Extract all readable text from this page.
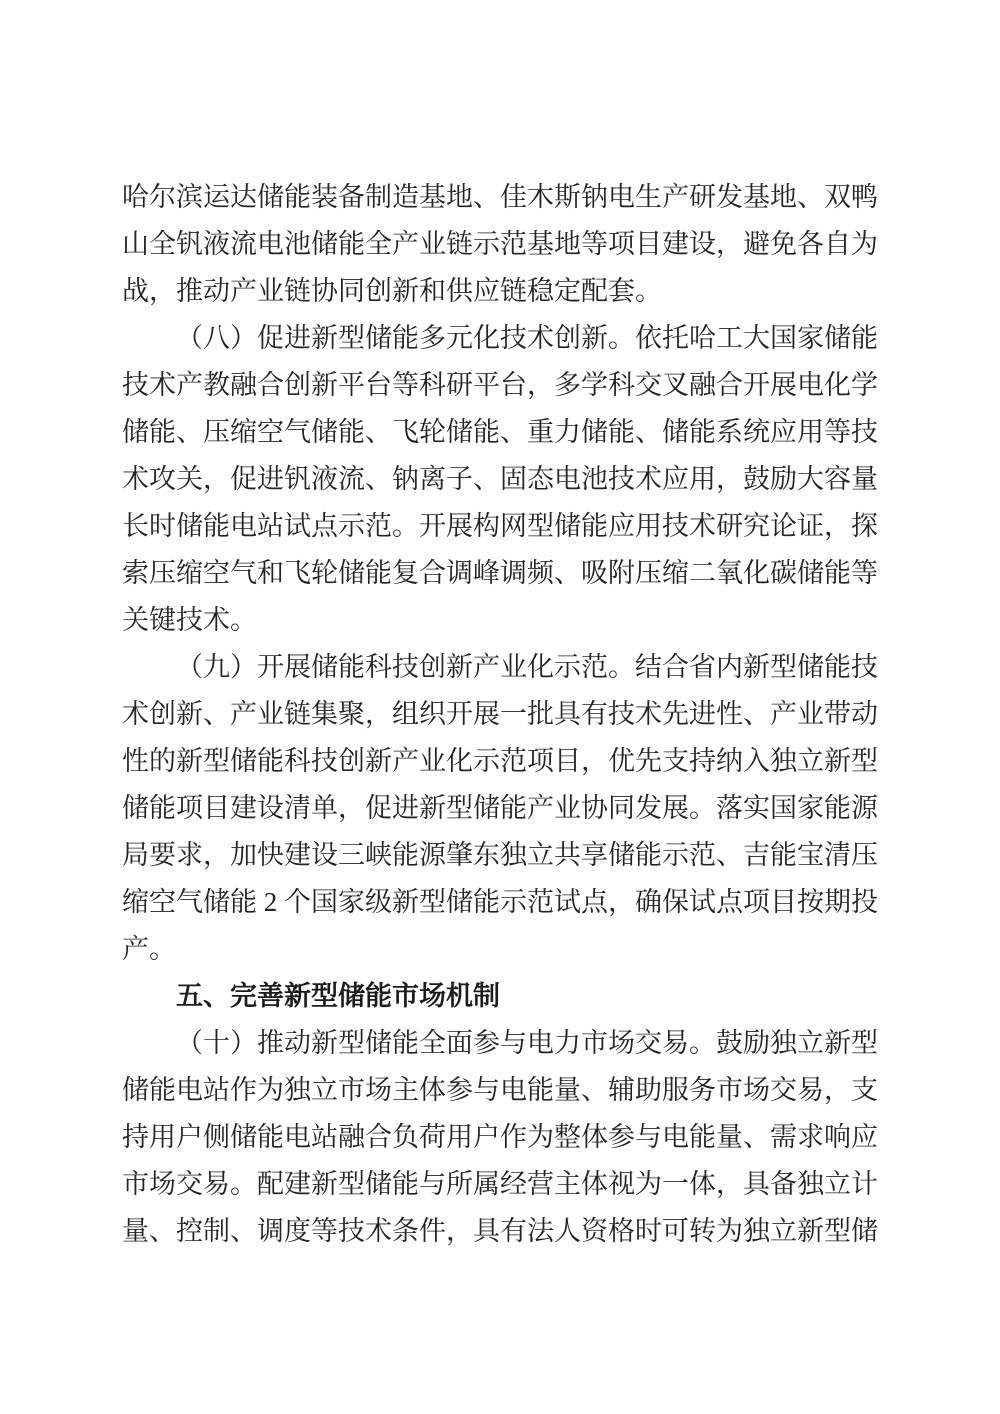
哈尔滨运达储能装备制造基地、佳木斯钠电生产研发基地、双鸭山全钒液流电池储能全产业链示范基地等项目建设，避免各自为战，推动产业链协同创新和供应链稳定配套。

（八）促进新型储能多元化技术创新。依托哈工大国家储能技术产教融合创新平台等科研平台，多学科交叉融合开展电化学储能、压缩空气储能、飞轮储能、重力储能、储能系统应用等技术攻关，促进钒液流、钠离子、固态电池技术应用，鼓励大容量长时储能电站试点示范。开展构网型储能应用技术研究论证，探索压缩空气和飞轮储能复合调峰调频、吸附压缩二氧化碳储能等关键技术。

（九）开展储能科技创新产业化示范。结合省内新型储能技术创新、产业链集聚，组织开展一批具有技术先进性、产业带动性的新型储能科技创新产业化示范项目，优先支持纳入独立新型储能项目建设清单，促进新型储能产业协同发展。落实国家能源局要求，加快建设三峡能源肇东独立共享储能示范、吉能宝清压缩空气储能 2 个国家级新型储能示范试点，确保试点项目按期投产。

五、完善新型储能市场机制

（十）推动新型储能全面参与电力市场交易。鼓励独立新型储能电站作为独立市场主体参与电能量、辅助服务市场交易，支持用户侧储能电站融合负荷用户作为整体参与电能量、需求响应市场交易。配建新型储能与所属经营主体视为一体，具备独立计量、控制、调度等技术条件，具有法人资格时可转为独立新型储
